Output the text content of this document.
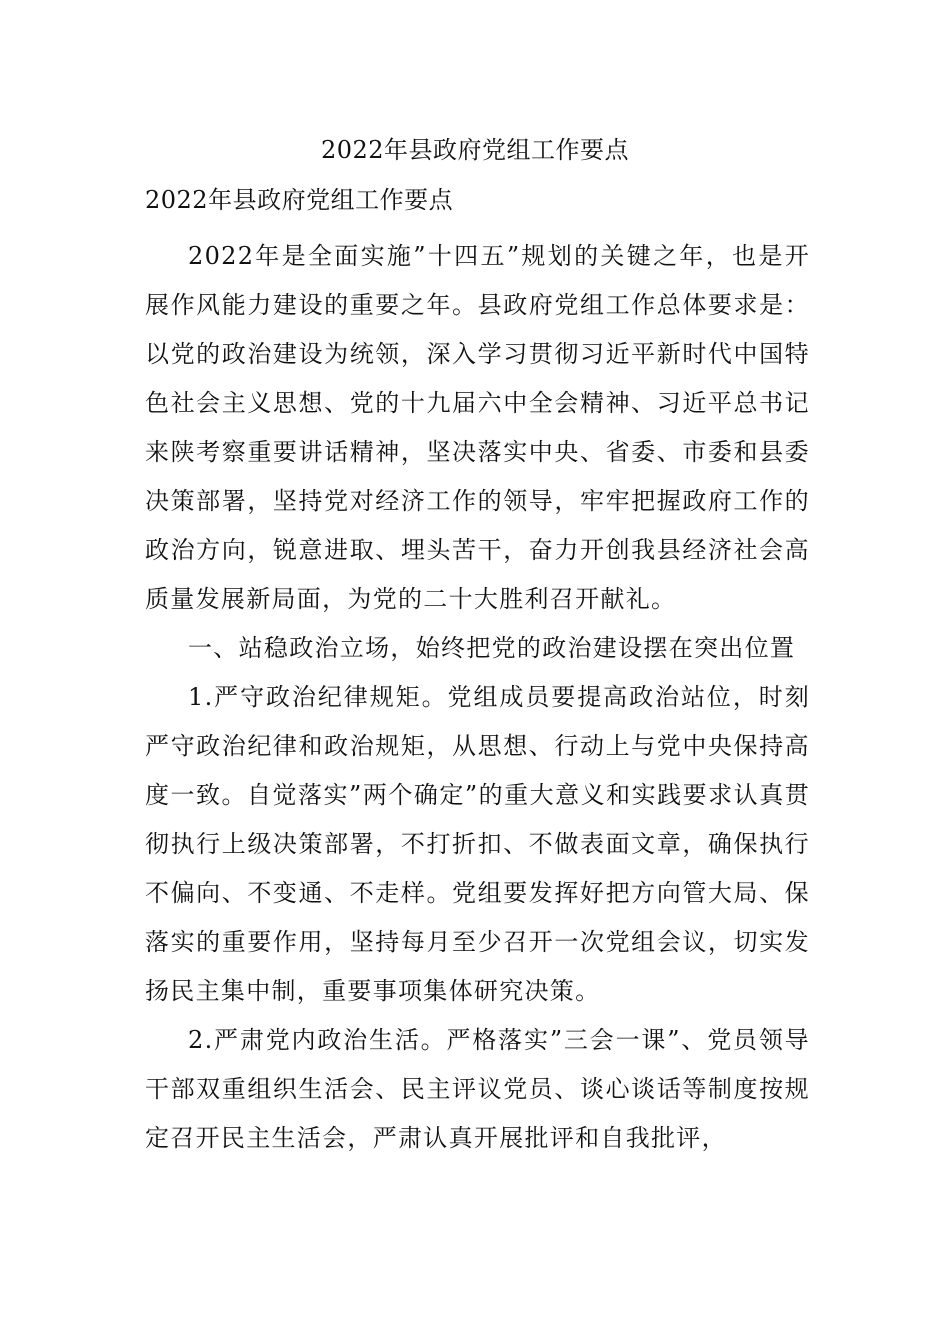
2022年县政府党组工作要点

2022年县政府党组工作要点

2022年是全面实施”十四五”规划的关键之年，也是开展作风能力建设的重要之年。县政府党组工作总体要求是：以党的政治建设为统领，深入学习贯彻习近平新时代中国特色社会主义思想、党的十九届六中全会精神、习近平总书记来陕考察重要讲话精神，坚决落实中央、省委、市委和县委决策部署，坚持党对经济工作的领导，牢牢把握政府工作的政治方向，锐意进取、埋头苦干，奋力开创我县经济社会高质量发展新局面，为党的二十大胜利召开献礼。

一、站稳政治立场，始终把党的政治建设摆在突出位置

1.严守政治纪律规矩。党组成员要提高政治站位，时刻严守政治纪律和政治规矩，从思想、行动上与党中央保持高度一致。自觉落实”两个确定”的重大意义和实践要求认真贯彻执行上级决策部署，不打折扣、不做表面文章，确保执行不偏向、不变通、不走样。党组要发挥好把方向管大局、保落实的重要作用，坚持每月至少召开一次党组会议，切实发扬民主集中制，重要事项集体研究决策。

2.严肃党内政治生活。严格落实”三会一课”、党员领导干部双重组织生活会、民主评议党员、谈心谈话等制度按规定召开民主生活会，严肃认真开展批评和自我批评，
